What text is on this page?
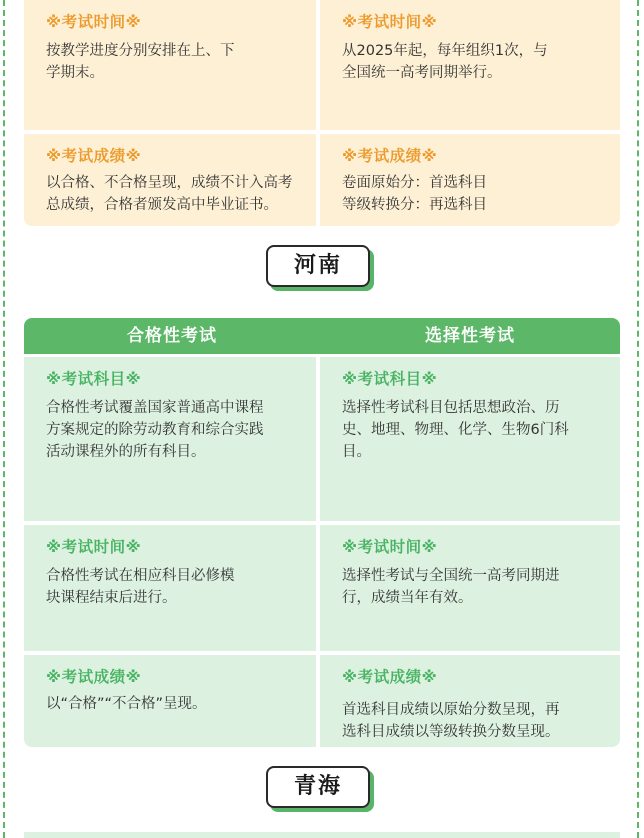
※考试时间※
按教学进度分别安排在上、下
学期末。
※考试时间※
从2025年起，每年组织1次，与
全国统一高考同期举行。
※考试成绩※
以合格、不合格呈现，成绩不计入高考
总成绩，合格者颁发高中毕业证书。
※考试成绩※
卷面原始分：首选科目
等级转换分：再选科目
河南
合格性考试	选择性考试
※考试科目※
合格性考试覆盖国家普通高中课程
方案规定的除劳动教育和综合实践
活动课程外的所有科目。
※考试科目※
选择性考试科目包括思想政治、历
史、地理、物理、化学、生物6门科
目。
※考试时间※
合格性考试在相应科目必修模
块课程结束后进行。
※考试时间※
选择性考试与全国统一高考同期进
行，成绩当年有效。
※考试成绩※
以“合格”“不合格”呈现。
※考试成绩※
首选科目成绩以原始分数呈现，再
选科目成绩以等级转换分数呈现。
青海
